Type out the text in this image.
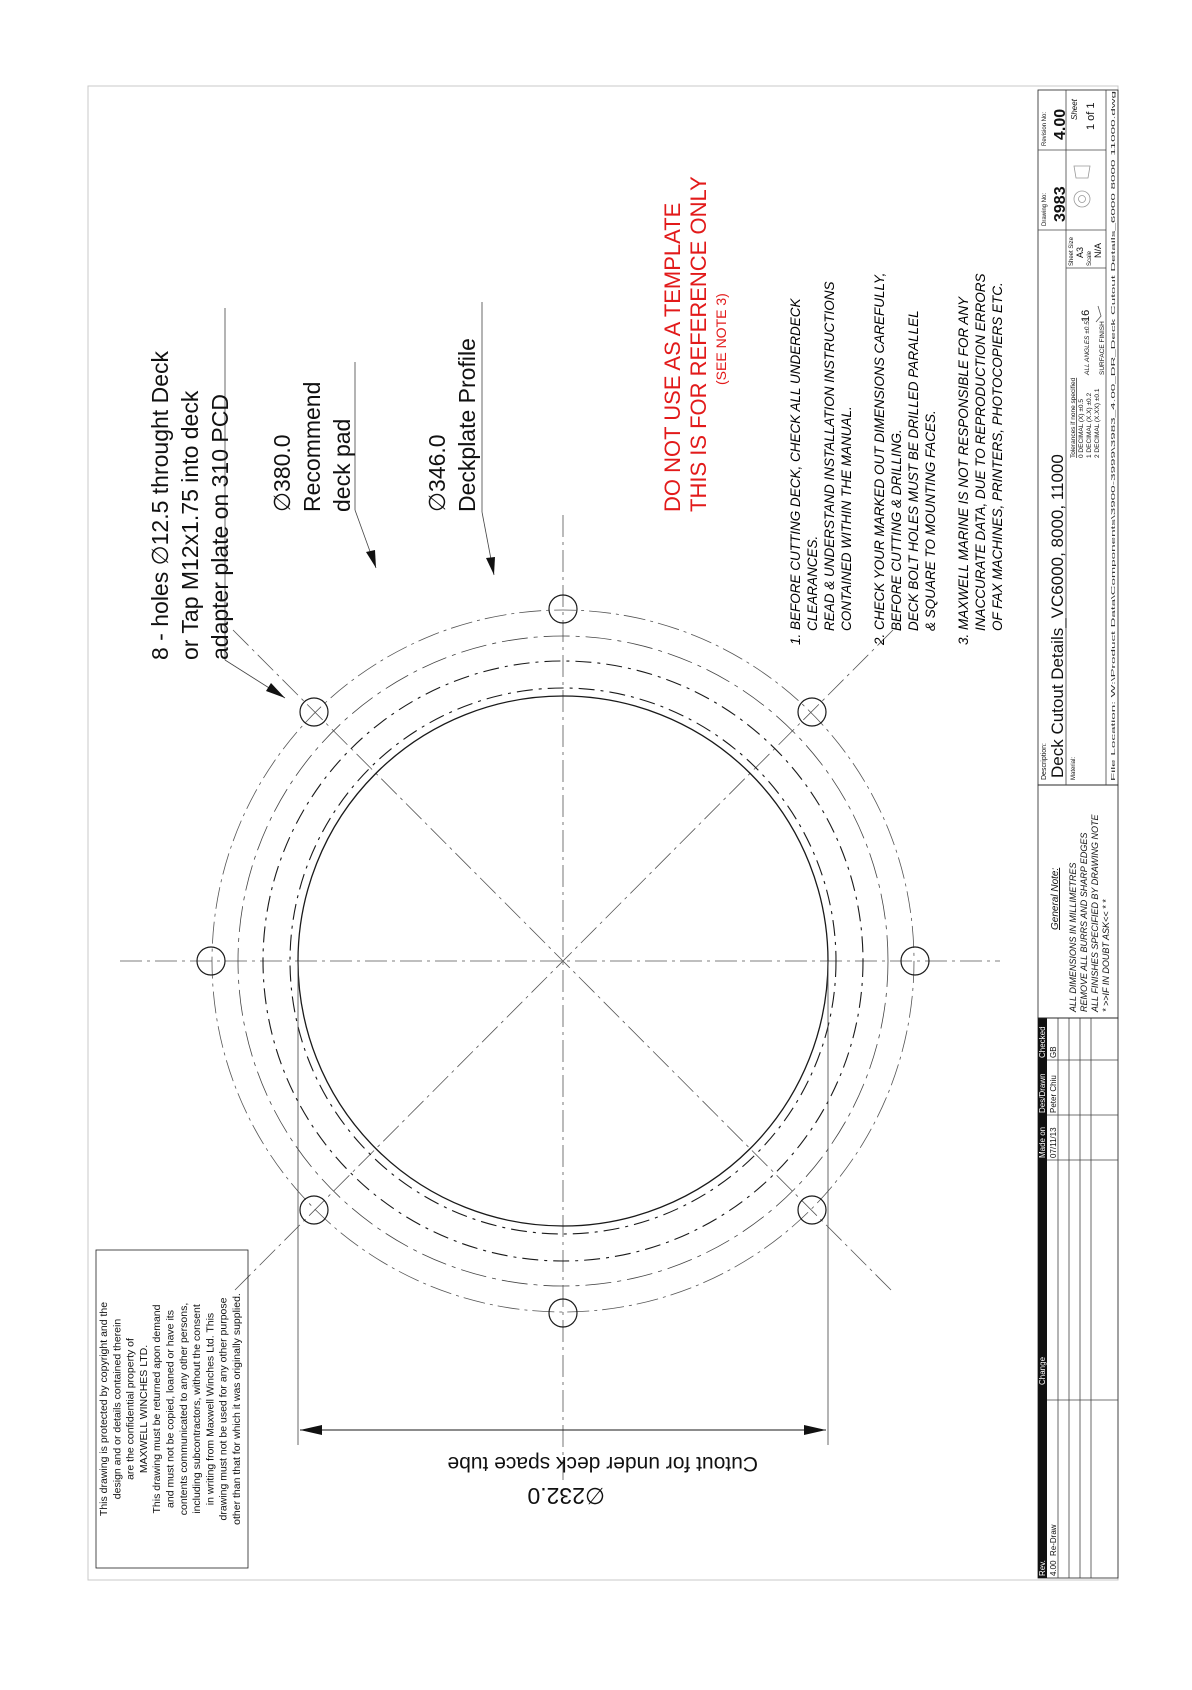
8 - holes ∅12.5 throught Deck or Tap M12x1.75 into deck adapter plate on 310 PCD ∅380.0 Recommend deck pad	∅346.0 Deckplate Profile
Cutout for under deck space tube
∅232.0
DO NOT USE AS A TEMPLATE THIS IS FOR REFERENCE ONLY (SEE NOTE 3)	1. BEFORE CUTTING DECK, CHECK ALL UNDERDECK CLEARANCES. READ & UNDERSTAND INSTALLATION INSTRUCTIONS CONTAINED WITHIN THE MANUAL. 2. CHECK YOUR MARKED OUT DIMENSIONS CAREFULLY, BEFORE CUTTING & DRILLING. DECK BOLT HOLES MUST BE DRILLED PARALLEL & SQUARE TO MOUNTING FACES. 3. MAXWELL MARINE IS NOT RESPONSIBLE FOR ANY INACCURATE DATA, DUE TO REPRODUCTION ERRORS OF FAX MACHINES, PRINTERS, PHOTOCOPIERS ETC.
This drawing is protected by copyright and the design and or details contained therein are the confidential property of MAXWELL WINCHES LTD. This drawing must be returned apon demand and must not be copied, loaned or have its contents communicated to any other persons, including subcontractors, without the consent in writing from Maxwell Winches Ltd. This drawing must not be used for any other purpose other than that for which it was originally supplied.
Rev.
Change
Made on
Des/Drawn
Checked
4.00
Re-Draw
07/11/13
Peter Chiu
GB
General Note: ALL DIMENSIONS IN MILLIMETRES REMOVE ALL BURRS AND SHARP EDGES ALL FINISHES SPECIFIED BY DRAWING NOTE * >>IF IN DOUBT ASK<< * *
Description: Deck Cutout Details_VC6000, 8000, 11000 Material:
Tolerances if none specified 0 DECIMAL (X) ±0.5 1 DECIMAL (X.X) ±0.2 2 DECIMAL (X.XX) ±0.1
ALL ANGLES ±0.5°
16
SURFACE FINISH
Sheet Size A3 Scale
N/A
Drawing No: 3983
Revision No: 4.00 Sheet 1 of 1
File Location: W:\Product Data\Components\3900-3999\3983_4.00_DR_Deck Cutout Details_6000 8000 11000.dwg
